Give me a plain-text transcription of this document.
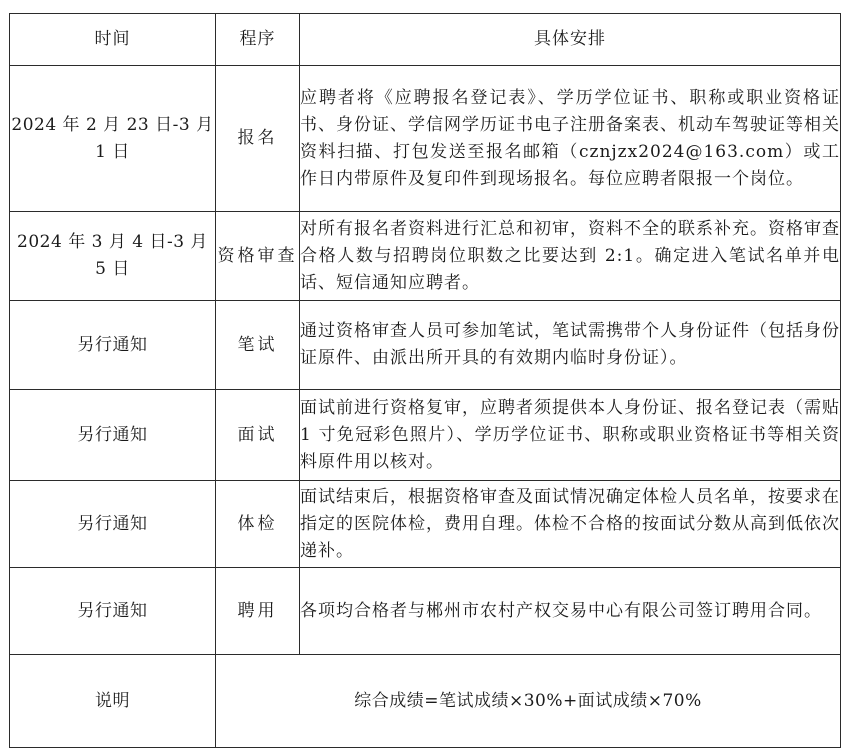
时间	程序	具体安排
2024 年 2 月 23 日-3 月 1 日	报名	应聘者将《应聘报名登记表》、学历学位证书、职称或职业资格证书、身份证、学信网学历证书电子注册备案表、机动车驾驶证等相关资料扫描、打包发送至报名邮箱（cznjzx2024@163.com）或工作日内带原件及复印件到现场报名。每位应聘者限报一个岗位。
2024 年 3 月 4 日-3 月 5 日	资格审查	对所有报名者资料进行汇总和初审，资料不全的联系补充。资格审查合格人数与招聘岗位职数之比要达到 2:1。确定进入笔试名单并电话、短信通知应聘者。
另行通知	笔试	通过资格审查人员可参加笔试，笔试需携带个人身份证件（包括身份证原件、由派出所开具的有效期内临时身份证）。
另行通知	面试	面试前进行资格复审，应聘者须提供本人身份证、报名登记表（需贴 1 寸免冠彩色照片）、学历学位证书、职称或职业资格证书等相关资料原件用以核对。
另行通知	体检	面试结束后，根据资格审查及面试情况确定体检人员名单，按要求在指定的医院体检，费用自理。体检不合格的按面试分数从高到低依次递补。
另行通知	聘用	各项均合格者与郴州市农村产权交易中心有限公司签订聘用合同。
说明	综合成绩=笔试成绩×30%+面试成绩×70%	
